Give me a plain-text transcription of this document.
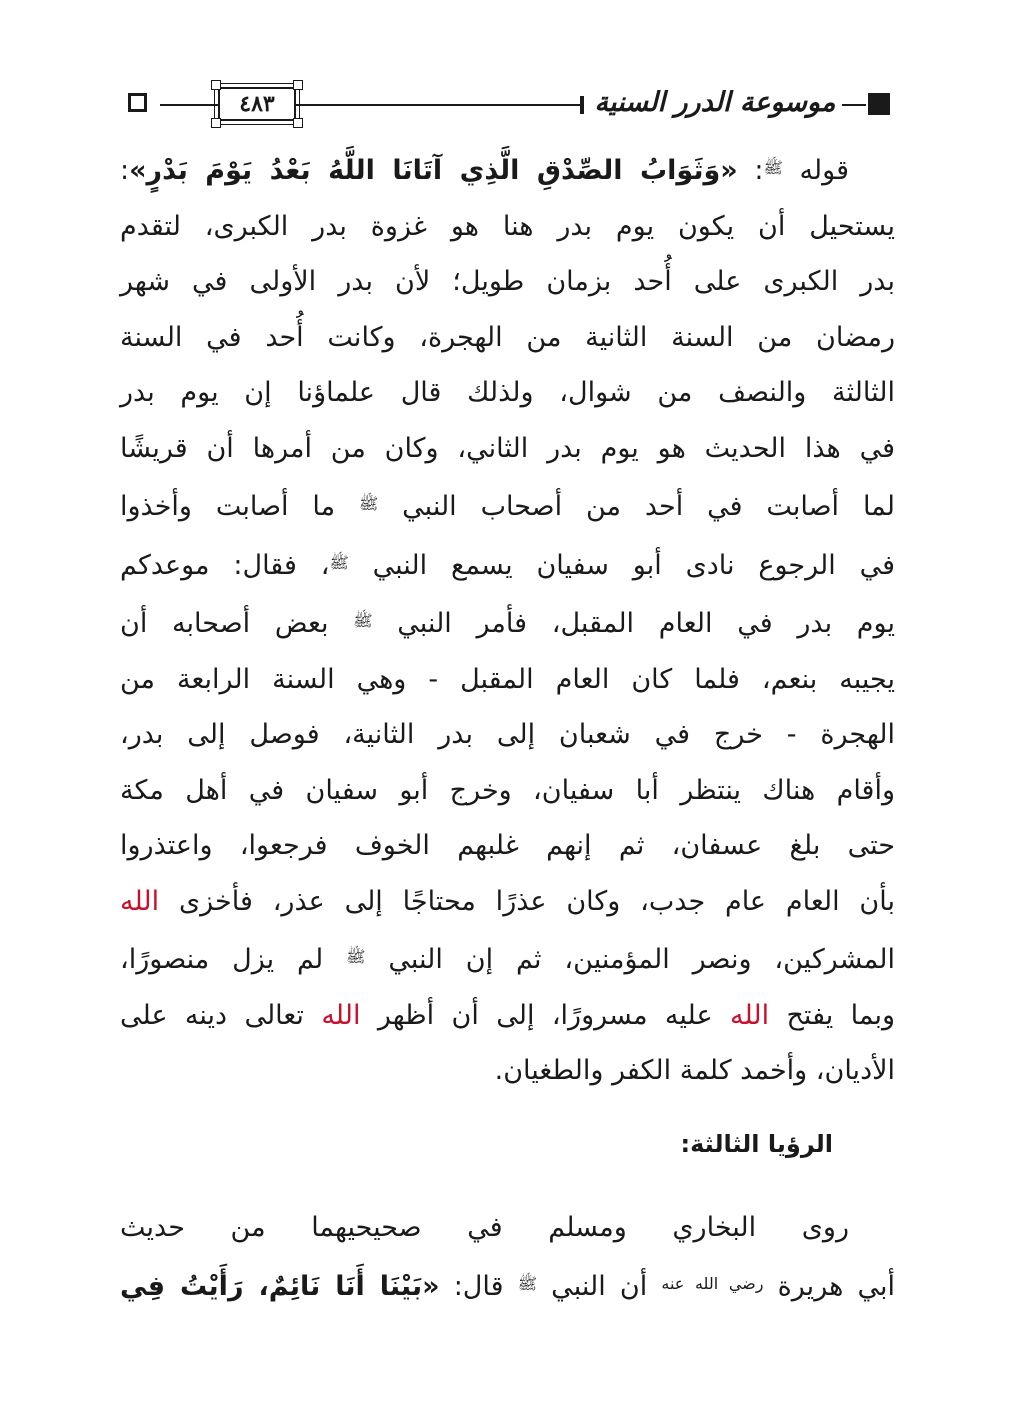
٤٨٣	موسوعة الدرر السنية
قوله $^ﷺ$: «وَثَوَابُ الصِّدْقِ الَّذِي آتَانَا اللَّهُ بَعْدُ يَوْمَ بَدْرٍ»:
يستحيل أن يكون يوم بدر هنا هو غزوة بدر الكبرى، لتقدم
بدر الكبرى على أُحد بزمان طويل؛ لأن بدر الأولى في شهر
رمضان من السنة الثانية من الهجرة، وكانت أُحد في السنة
الثالثة والنصف من شوال، ولذلك قال علماؤنا إن يوم بدر
في هذا الحديث هو يوم بدر الثاني، وكان من أمرها أن قريشًا
لما أصابت في أحد من أصحاب النبي $^ﷺ$ ما أصابت وأخذوا
في الرجوع نادى أبو سفيان يسمع النبي $^ﷺ$، فقال: موعدكم
يوم بدر في العام المقبل، فأمر النبي $^ﷺ$ بعض أصحابه أن
يجيبه بنعم، فلما كان العام المقبل - وهي السنة الرابعة من
الهجرة - خرج في شعبان إلى بدر الثانية، فوصل إلى بدر،
وأقام هناك ينتظر أبا سفيان، وخرج أبو سفيان في أهل مكة
حتى بلغ عسفان، ثم إنهم غلبهم الخوف فرجعوا، واعتذروا
بأن العام عام جدب، وكان عذرًا محتاجًا إلى عذر، فأخزى الله
المشركين، ونصر المؤمنين، ثم إن النبي $^ﷺ$ لم يزل منصورًا،
وبما يفتح الله عليه مسرورًا، إلى أن أظهر الله تعالى دينه على
الأديان، وأخمد كلمة الكفر والطغيان.
الرؤيا الثالثة:
روى البخاري ومسلم في صحيحيهما من حديث
أبي هريرة $^{رضي الله عنه}$ أن النبي $^ﷺ$ قال: «بَيْنَا أَنَا نَائِمٌ، رَأَيْتُ فِي
